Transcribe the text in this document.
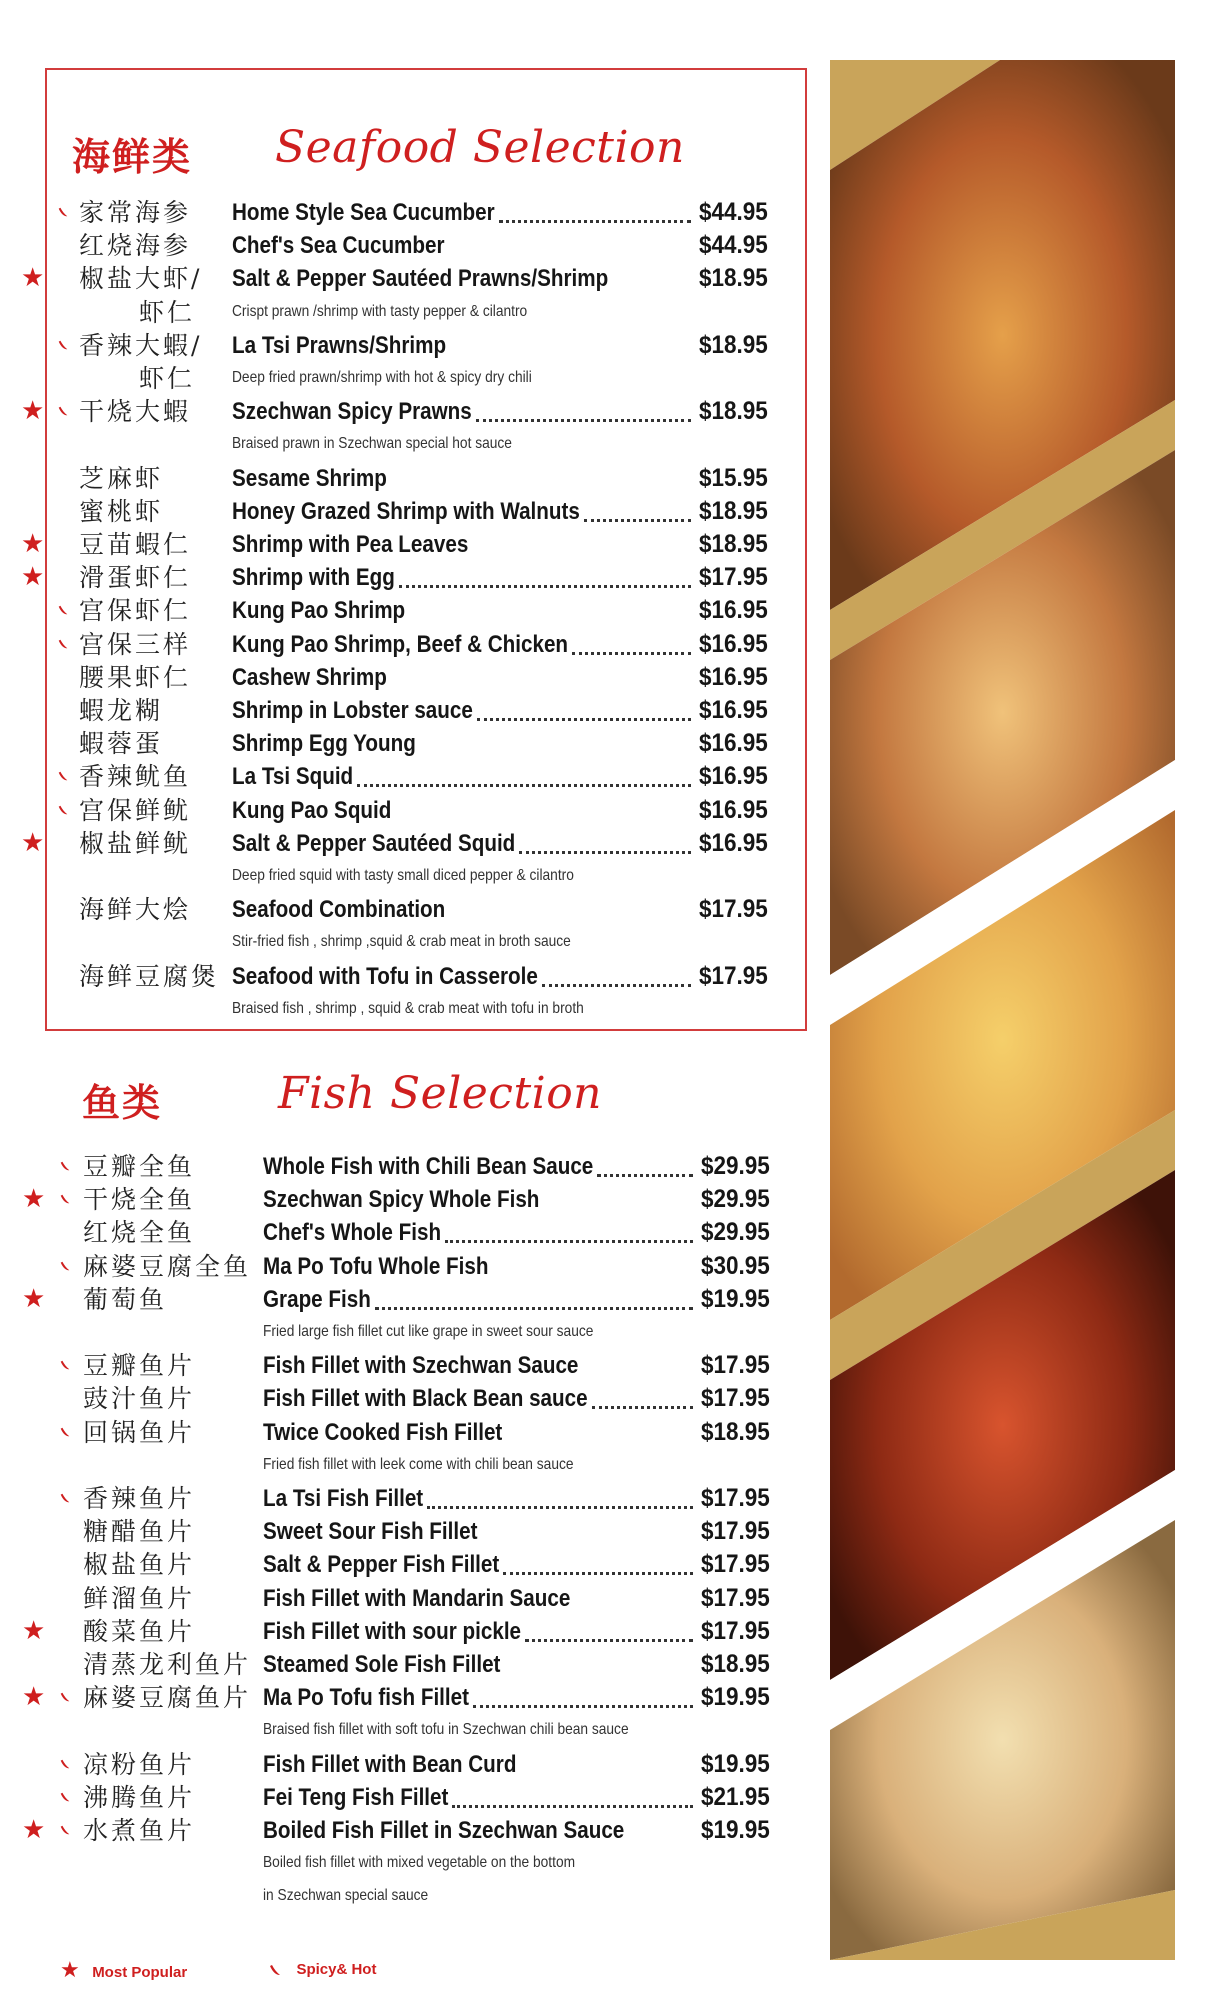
海鲜类 Seafood Selection
家常海参 Home Style Sea Cucumber	$44.95
红烧海参 Chef's Sea Cucumber	$44.95
★ 椒盐大虾/ Salt & Pepper Sautéed Prawns/Shrimp	$18.95
虾仁 Crispt prawn /shrimp with tasty pepper & cilantro
香辣大蝦/ La Tsi Prawns/Shrimp	$18.95
虾仁 Deep fried prawn/shrimp with hot & spicy dry chili
★ 干烧大蝦 Szechwan Spicy Prawns	$18.95
Braised prawn in Szechwan special hot sauce
芝麻虾	Sesame Shrimp	$15.95
蜜桃虾	Honey Grazed Shrimp with Walnuts	$18.95
★ 豆苗蝦仁 Shrimp with Pea Leaves	$18.95
★ 滑蛋虾仁 Shrimp with Egg	$17.95
宫保虾仁 Kung Pao Shrimp	$16.95
宫保三样 Kung Pao Shrimp, Beef & Chicken	$16.95
腰果虾仁 Cashew Shrimp	$16.95
蝦龙糊	Shrimp in Lobster sauce	$16.95
蝦蓉蛋	Shrimp Egg Young	$16.95
香辣鱿鱼 La Tsi Squid	$16.95
宫保鲜鱿 Kung Pao Squid	$16.95
★ 椒盐鲜鱿 Salt & Pepper Sautéed Squid	$16.95
Deep fried squid with tasty small diced pepper & cilantro
海鲜大烩 Seafood Combination	$17.95
Stir-fried fish , shrimp ,squid & crab meat in broth sauce
海鲜豆腐煲 Seafood with Tofu in Casserole	$17.95
Braised fish , shrimp , squid & crab meat with tofu in broth
鱼类	Fish Selection
豆瓣全鱼	Whole Fish with Chili Bean Sauce	$29.95
★ 干烧全鱼	Szechwan Spicy Whole Fish	$29.95
红烧全鱼	Chef's Whole Fish	$29.95
麻婆豆腐全鱼 Ma Po Tofu Whole Fish	$30.95
★ 葡萄鱼	Grape Fish	$19.95
Fried large fish fillet cut like grape in sweet sour sauce
豆瓣鱼片	Fish Fillet with Szechwan Sauce	$17.95
豉汁鱼片	Fish Fillet with Black Bean sauce	$17.95
回锅鱼片	Twice Cooked Fish Fillet	$18.95
Fried fish fillet with leek come with chili bean sauce
香辣鱼片	La Tsi Fish Fillet	$17.95
糖醋鱼片	Sweet Sour Fish Fillet	$17.95
椒盐鱼片	Salt & Pepper Fish Fillet	$17.95
鲜溜鱼片	Fish Fillet with Mandarin Sauce	$17.95
★ 酸菜鱼片	Fish Fillet with sour pickle	$17.95
清蒸龙利鱼片 Steamed Sole Fish Fillet	$18.95
★ 麻婆豆腐鱼片 Ma Po Tofu fish Fillet	$19.95
Braised fish fillet with soft tofu in Szechwan chili bean sauce
凉粉鱼片	Fish Fillet with Bean Curd	$19.95
沸腾鱼片	Fei Teng Fish Fillet	$21.95
★ 水煮鱼片	Boiled Fish Fillet in Szechwan Sauce	$19.95
Boiled fish fillet with mixed vegetable on the bottom
in Szechwan special sauce
★ Most Popular	Spicy& Hot
